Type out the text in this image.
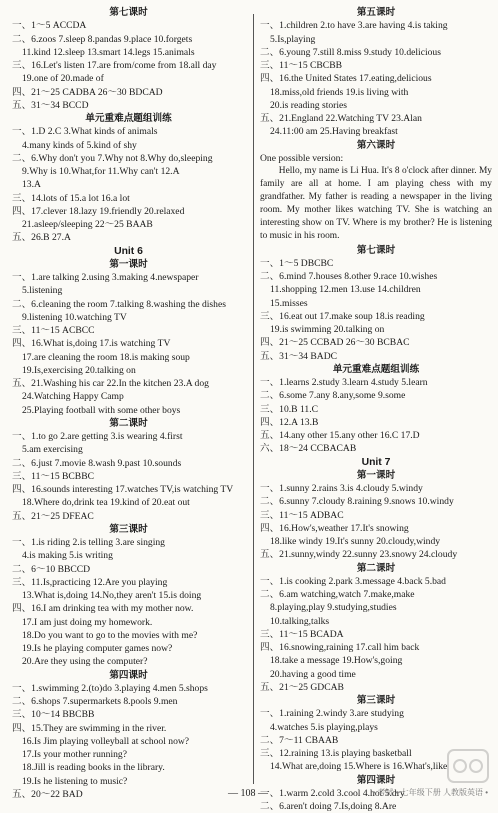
第七课时

一、1～5 ACCDA

二、6.zoos 7.sleep 8.pandas 9.place 10.forgets

11.kind 12.sleep 13.smart 14.legs 15.animals

三、16.Let's listen 17.are from/come from 18.all day

19.one of 20.made of

四、21～25 CADBA 26～30 BDCAD

五、31～34 BCCD

单元重难点题组训练

一、1.D 2.C 3.What kinds of animals

4.many kinds of 5.kind of shy

二、6.Why don't you 7.Why not 8.Why do,sleeping

9.Why is 10.What,for 11.Why can't 12.A

13.A

三、14.lots of 15.a lot 16.a lot

四、17.clever 18.lazy 19.friendly 20.relaxed

21.asleep/sleeping 22～25 BAAB

五、26.B 27.A

Unit 6

第一课时

一、1.are talking 2.using 3.making 4.newspaper

5.listening

二、6.cleaning the room 7.talking 8.washing the dishes

9.listening 10.watching TV

三、11～15 ACBCC

四、16.What is,doing 17.is watching TV

17.are cleaning the room 18.is making soup

19.Is,exercising 20.talking on

五、21.Washing his car 22.In the kitchen 23.A dog

24.Watching Happy Camp

25.Playing football with some other boys

第二课时

一、1.to go 2.are getting 3.is wearing 4.first

5.am exercising

二、6.just 7.movie 8.wash 9.past 10.sounds

三、11～15 BCBBC

四、16.sounds interesting 17.watches TV,is watching TV

18.Where do,drink tea 19.kind of 20.eat out

五、21～25 DFEAC

第三课时

一、1.is riding 2.is telling 3.are singing

4.is making 5.is writing

二、6～10 BBCCD

三、11.Is,practicing 12.Are you playing

13.What is,doing 14.No,they aren't 15.is doing

四、16.I am drinking tea with my mother now.

17.I am just doing my homework.

18.Do you want to go to the movies with me?

19.Is he playing computer games now?

20.Are they using the computer?

第四课时

一、1.swimming 2.(to)do 3.playing 4.men 5.shops

二、6.shops 7.supermarkets 8.pools 9.men

三、10～14 BBCBB

四、15.They are swimming in the river.

16.Is Jim playing volleyball at school now?

17.Is your mother running?

18.Jill is reading books in the library.

19.Is he listening to music?

五、20～22 BAD

第五课时

一、1.children 2.to have 3.are having 4.is taking

5.Is,playing

二、6.young 7.still 8.miss 9.study 10.delicious

三、11～15 CBCBB

四、16.the United States 17.eating,delicious

18.miss,old friends 19.is living with

20.is reading stories

五、21.England 22.Watching TV 23.Alan

24.11:00 am 25.Having breakfast

第六课时

One possible version:

Hello, my name is Li Hua. It's 8 o'clock after dinner. My family are all at home. I am playing chess with my grandfather. My father is reading a newspaper in the living room. My mother likes watching TV. She is watching an interesting show on TV. Where is my brother? He is listening to music in his room.

第七课时

一、1～5 DBCBC

二、6.mind 7.houses 8.other 9.race 10.wishes

11.shopping 12.men 13.use 14.children

15.misses

三、16.eat out 17.make soup 18.is reading

19.is swimming 20.talking on

四、21～25 CCBAD 26～30 BCBAC

五、31～34 BADC

单元重难点题组训练

一、1.learns 2.study 3.learn 4.study 5.learn

二、6.some 7.any 8.any,some 9.some

三、10.B 11.C

四、12.A 13.B

五、14.any other 15.any other 16.C 17.D

六、18～24 CCBACAB

Unit 7

第一课时

一、1.sunny 2.rains 3.is 4.cloudy 5.windy

二、6.sunny 7.cloudy 8.raining 9.snows 10.windy

三、11～15 ADBAC

四、16.How's,weather 17.It's snowing

18.like windy 19.It's sunny 20.cloudy,windy

五、21.sunny,windy 22.sunny 23.snowy 24.cloudy

第二课时

一、1.is cooking 2.park 3.message 4.back 5.bad

二、6.am watching,watch 7.make,make

8.playing,play 9.studying,studies

10.talking,talks

三、11～15 BCADA

四、16.snowing,raining 17.call him back

18.take a message 19.How's,going

20.having a good time

五、21～25 GDCAB

第三课时

一、1.raining 2.windy 3.are studying

4.watches 5.is playing,plays

二、7～11 CBAAB

三、12.raining 13.is playing basketball

14.What are,doing 15.Where is 16.What's,like

第四课时

一、1.warm 2.cold 3.cool 4.hot 5.dry

二、6.aren't doing 7.Is,doing 8.Are

— 108 —	• 考试 • 七年级下册 人教版英语 •
